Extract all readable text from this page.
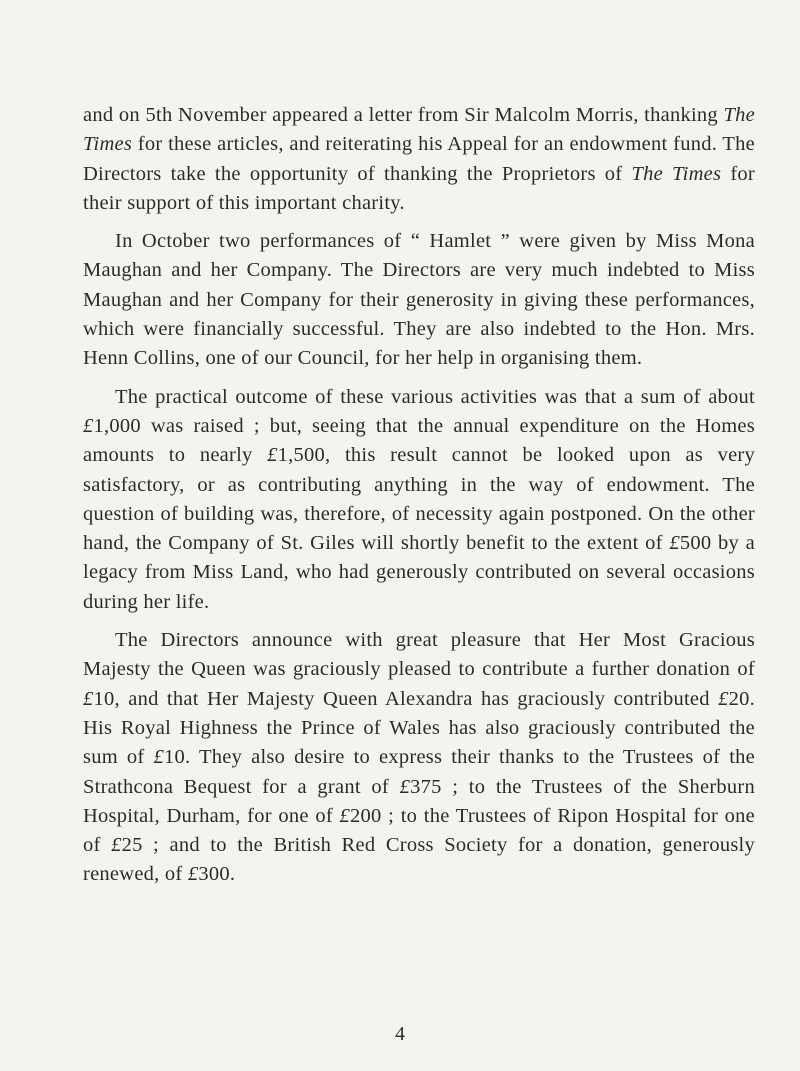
and on 5th November appeared a letter from Sir Malcolm Morris, thanking The Times for these articles, and reiterating his Appeal for an endowment fund. The Directors take the opportunity of thanking the Proprietors of The Times for their support of this important charity.

In October two performances of “ Hamlet ” were given by Miss Mona Maughan and her Company. The Directors are very much indebted to Miss Maughan and her Company for their generosity in giving these performances, which were financially successful. They are also indebted to the Hon. Mrs. Henn Collins, one of our Council, for her help in organising them.

The practical outcome of these various activities was that a sum of about £1,000 was raised ; but, seeing that the annual expenditure on the Homes amounts to nearly £1,500, this result cannot be looked upon as very satisfactory, or as contributing anything in the way of endowment. The question of building was, therefore, of necessity again postponed. On the other hand, the Company of St. Giles will shortly benefit to the extent of £500 by a legacy from Miss Land, who had generously contributed on several occasions during her life.

The Directors announce with great pleasure that Her Most Gracious Majesty the Queen was graciously pleased to contribute a further donation of £10, and that Her Majesty Queen Alexandra has graciously contributed £20. His Royal Highness the Prince of Wales has also graciously contributed the sum of £10. They also desire to express their thanks to the Trustees of the Strathcona Bequest for a grant of £375 ; to the Trustees of the Sherburn Hospital, Durham, for one of £200 ; to the Trustees of Ripon Hospital for one of £25 ; and to the British Red Cross Society for a donation, generously renewed, of £300.

4
